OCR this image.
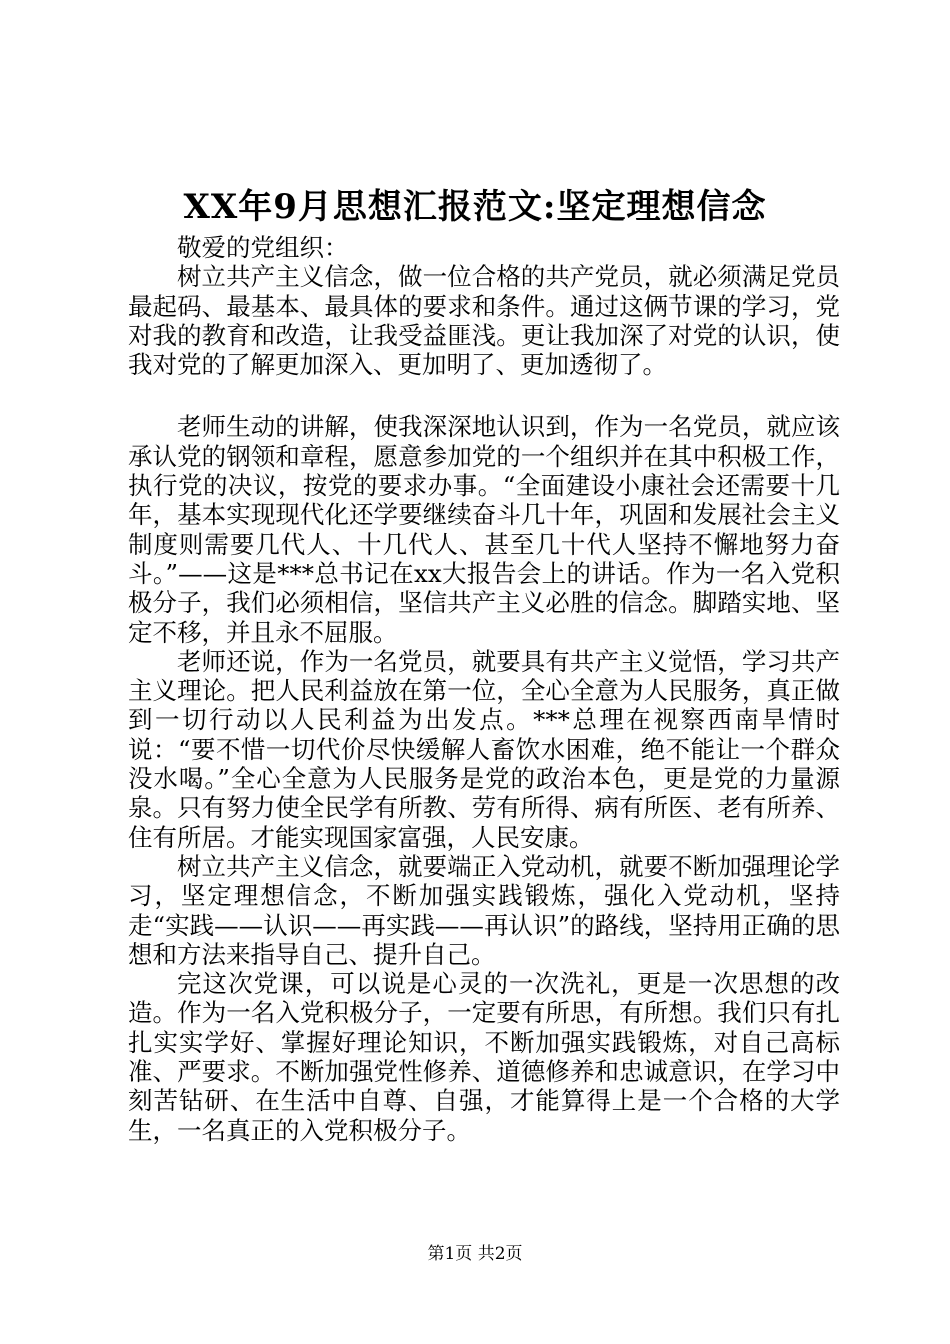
XX年9月思想汇报范文:坚定理想信念

敬爱的党组织：

树立共产主义信念，做一位合格的共产党员，就必须满足党员最起码、最基本、最具体的要求和条件。通过这俩节课的学习，党对我的教育和改造，让我受益匪浅。更让我加深了对党的认识，使我对党的了解更加深入、更加明了、更加透彻了。

老师生动的讲解，使我深深地认识到，作为一名党员，就应该承认党的钢领和章程，愿意参加党的一个组织并在其中积极工作，执行党的决议，按党的要求办事。“全面建设小康社会还需要十几年，基本实现现代化还学要继续奋斗几十年，巩固和发展社会主义制度则需要几代人、十几代人、甚至几十代人坚持不懈地努力奋斗。”——这是***总书记在xx大报告会上的讲话。作为一名入党积极分子，我们必须相信，坚信共产主义必胜的信念。脚踏实地、坚定不移，并且永不屈服。

老师还说，作为一名党员，就要具有共产主义觉悟，学习共产主义理论。把人民利益放在第一位，全心全意为人民服务，真正做到一切行动以人民利益为出发点。***总理在视察西南旱情时说：“要不惜一切代价尽快缓解人畜饮水困难，绝不能让一个群众没水喝。”全心全意为人民服务是党的政治本色，更是党的力量源泉。只有努力使全民学有所教、劳有所得、病有所医、老有所养、住有所居。才能实现国家富强，人民安康。

树立共产主义信念，就要端正入党动机，就要不断加强理论学习，坚定理想信念，不断加强实践锻炼，强化入党动机，坚持走“实践——认识——再实践——再认识”的路线，坚持用正确的思想和方法来指导自己、提升自己。

完这次党课，可以说是心灵的一次洗礼，更是一次思想的改造。作为一名入党积极分子，一定要有所思，有所想。我们只有扎扎实实学好、掌握好理论知识，不断加强实践锻炼，对自己高标准、严要求。不断加强党性修养、道德修养和忠诚意识，在学习中刻苦钻研、在生活中自尊、自强，才能算得上是一个合格的大学生，一名真正的入党积极分子。

第1页 共2页
